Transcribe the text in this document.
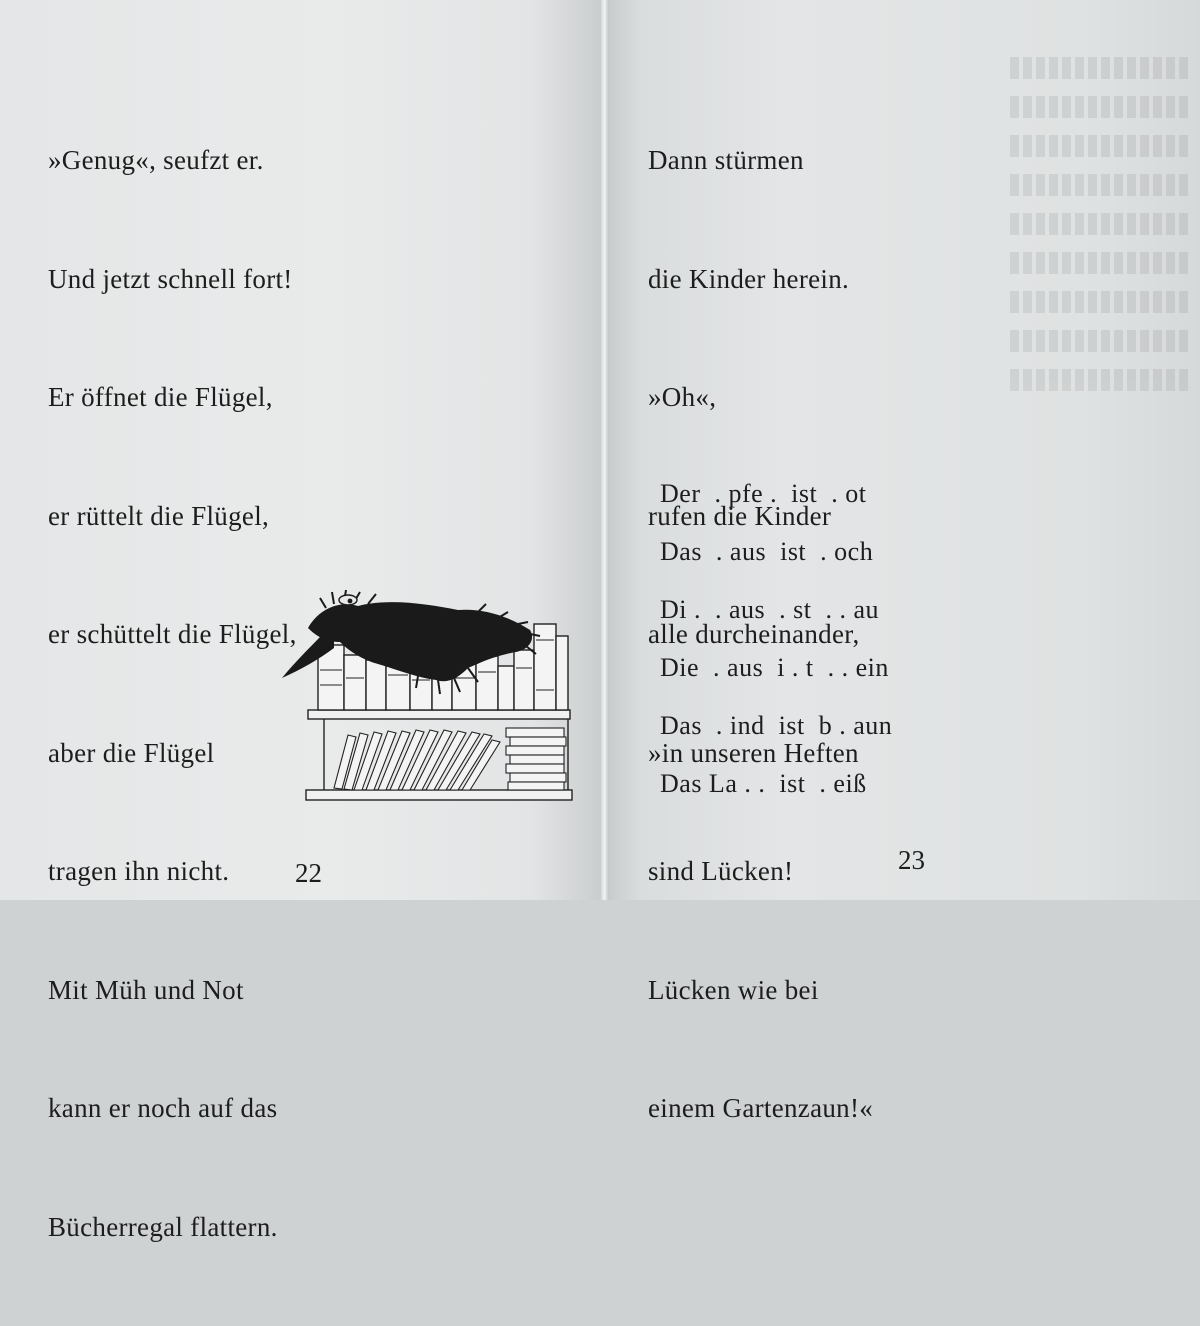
»Genug«, seufzt er.

Und jetzt schnell fort!

Er öffnet die Flügel,

er rüttelt die Flügel,

er schüttelt die Flügel,

aber die Flügel

tragen ihn nicht.

Mit Müh und Not

kann er noch auf das

Bücherregal flattern.

Dann stürmen

die Kinder herein.

»Oh«,

rufen die Kinder

alle durcheinander,

»in unseren Heften

sind Lücken!

Lücken wie bei

einem Gartenzaun!«

Der  . pfe .  ist  . ot
Das  . aus  ist  . och
Di .  . aus  . st  . . au
Die  . aus  i . t  . . ein
Das  . ind  ist  b . aun
Das La . .  ist  . eiß
22	23
